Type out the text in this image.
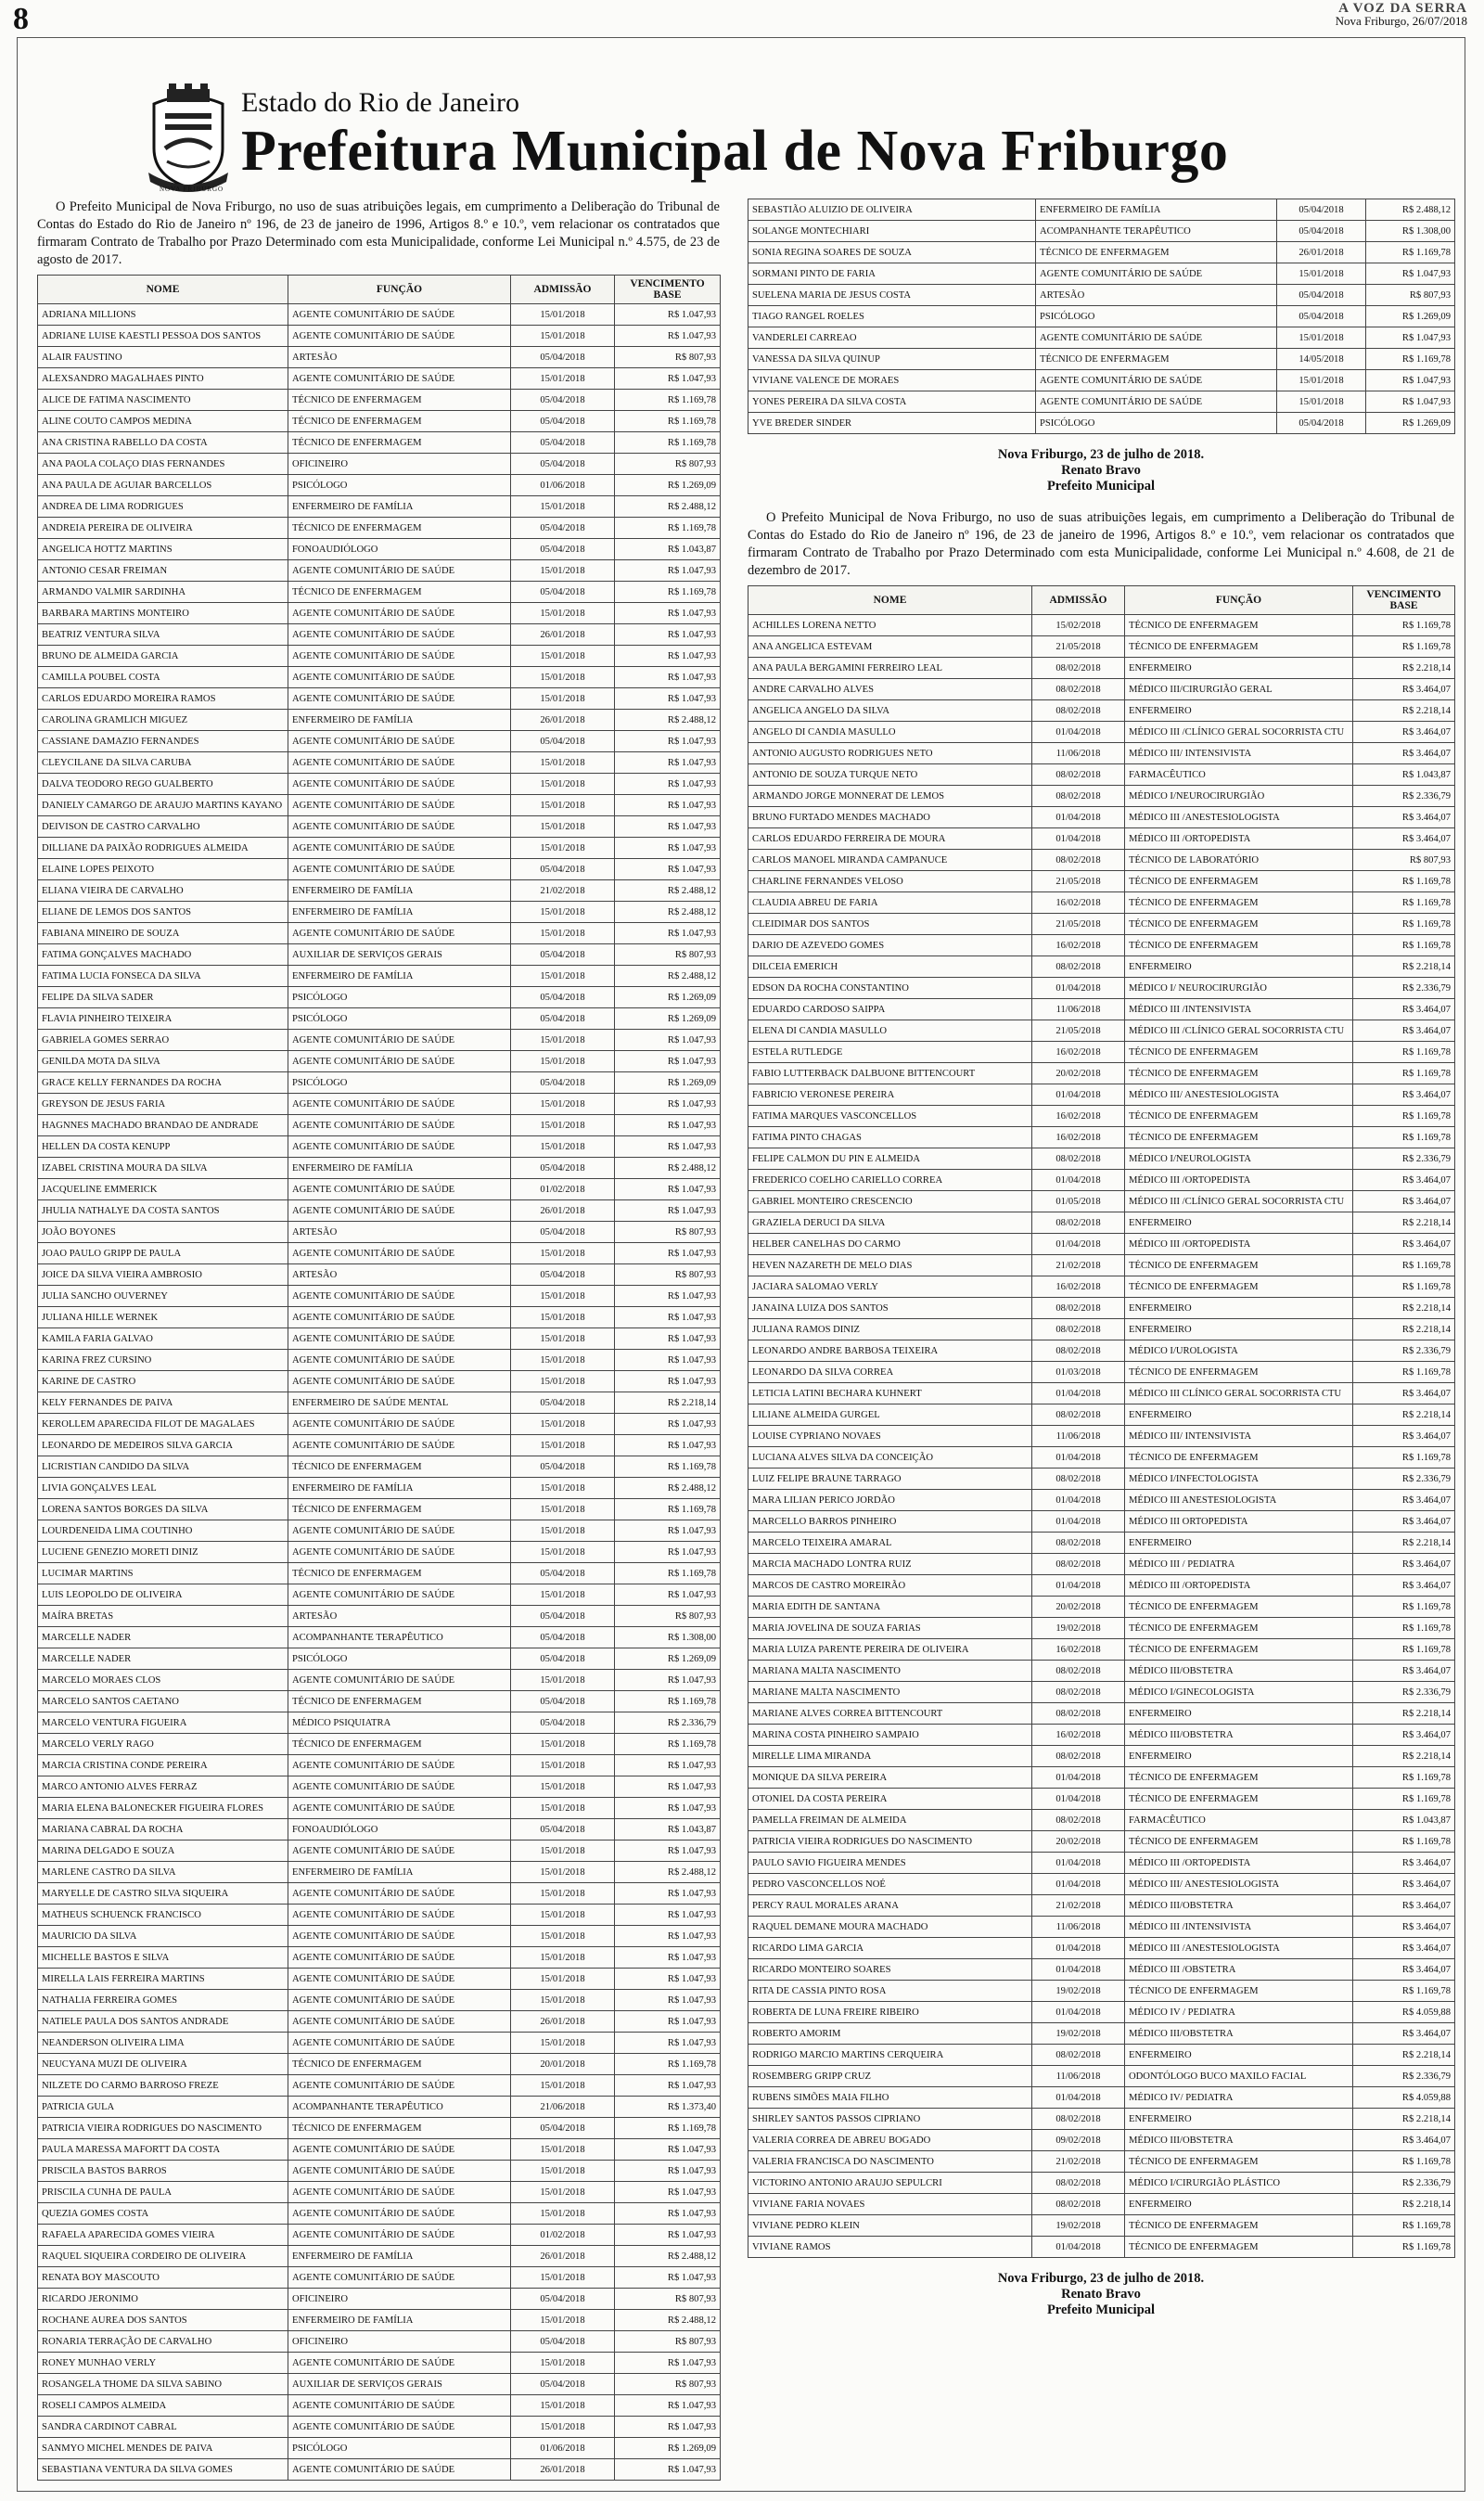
8	A VOZ DA SERRA
Nova Friburgo, 26/07/2018
NOVA FRIBURGO
Estado do Rio de Janeiro
Prefeitura Municipal de Nova Friburgo

O Prefeito Municipal de Nova Friburgo, no uso de suas atribuições legais, em cumprimento a Deliberação do Tribunal de Contas do Estado do Rio de Janeiro nº 196, de 23 de janeiro de 1996, Artigos 8.º e 10.º, vem relacionar os contratados que firmaram Contrato de Trabalho por Prazo Determinado com esta Municipalidade, conforme Lei Municipal n.º 4.575, de 23 de agosto de 2017.

NOME	FUNÇÃO	ADMISSÃO	VENCIMENTO BASE
ADRIANA MILLIONS	AGENTE COMUNITÁRIO DE SAÚDE	15/01/2018	R$ 1.047,93
ADRIANE LUISE KAESTLI PESSOA DOS SANTOS	AGENTE COMUNITÁRIO DE SAÚDE	15/01/2018	R$ 1.047,93
ALAIR FAUSTINO	ARTESÃO	05/04/2018	R$ 807,93
ALEXSANDRO MAGALHAES PINTO	AGENTE COMUNITÁRIO DE SAÚDE	15/01/2018	R$ 1.047,93
ALICE DE FATIMA NASCIMENTO	TÉCNICO DE ENFERMAGEM	05/04/2018	R$ 1.169,78
ALINE COUTO CAMPOS MEDINA	TÉCNICO DE ENFERMAGEM	05/04/2018	R$ 1.169,78
ANA CRISTINA RABELLO DA COSTA	TÉCNICO DE ENFERMAGEM	05/04/2018	R$ 1.169,78
ANA PAOLA COLAÇO DIAS FERNANDES	OFICINEIRO	05/04/2018	R$ 807,93
ANA PAULA DE AGUIAR BARCELLOS	PSICÓLOGO	01/06/2018	R$ 1.269,09
ANDREA DE LIMA RODRIGUES	ENFERMEIRO DE FAMÍLIA	15/01/2018	R$ 2.488,12
ANDREIA PEREIRA DE OLIVEIRA	TÉCNICO DE ENFERMAGEM	05/04/2018	R$ 1.169,78
ANGELICA HOTTZ MARTINS	FONOAUDIÓLOGO	05/04/2018	R$ 1.043,87
ANTONIO CESAR FREIMAN	AGENTE COMUNITÁRIO DE SAÚDE	15/01/2018	R$ 1.047,93
ARMANDO VALMIR SARDINHA	TÉCNICO DE ENFERMAGEM	05/04/2018	R$ 1.169,78
BARBARA MARTINS MONTEIRO	AGENTE COMUNITÁRIO DE SAÚDE	15/01/2018	R$ 1.047,93
BEATRIZ VENTURA SILVA	AGENTE COMUNITÁRIO DE SAÚDE	26/01/2018	R$ 1.047,93
BRUNO DE ALMEIDA GARCIA	AGENTE COMUNITÁRIO DE SAÚDE	15/01/2018	R$ 1.047,93
CAMILLA POUBEL COSTA	AGENTE COMUNITÁRIO DE SAÚDE	15/01/2018	R$ 1.047,93
CARLOS EDUARDO MOREIRA RAMOS	AGENTE COMUNITÁRIO DE SAÚDE	15/01/2018	R$ 1.047,93
CAROLINA GRAMLICH MIGUEZ	ENFERMEIRO DE FAMÍLIA	26/01/2018	R$ 2.488,12
CASSIANE DAMAZIO FERNANDES	AGENTE COMUNITÁRIO DE SAÚDE	05/04/2018	R$ 1.047,93
CLEYCILANE DA SILVA CARUBA	AGENTE COMUNITÁRIO DE SAÚDE	15/01/2018	R$ 1.047,93
DALVA TEODORO REGO GUALBERTO	AGENTE COMUNITÁRIO DE SAÚDE	15/01/2018	R$ 1.047,93
DANIELY CAMARGO DE ARAUJO MARTINS KAYANO	AGENTE COMUNITÁRIO DE SAÚDE	15/01/2018	R$ 1.047,93
DEIVISON DE CASTRO CARVALHO	AGENTE COMUNITÁRIO DE SAÚDE	15/01/2018	R$ 1.047,93
DILLIANE DA PAIXÃO RODRIGUES ALMEIDA	AGENTE COMUNITÁRIO DE SAÚDE	15/01/2018	R$ 1.047,93
ELAINE LOPES PEIXOTO	AGENTE COMUNITÁRIO DE SAÚDE	05/04/2018	R$ 1.047,93
ELIANA VIEIRA DE CARVALHO	ENFERMEIRO DE FAMÍLIA	21/02/2018	R$ 2.488,12
ELIANE DE LEMOS DOS SANTOS	ENFERMEIRO DE FAMÍLIA	15/01/2018	R$ 2.488,12
FABIANA MINEIRO DE SOUZA	AGENTE COMUNITÁRIO DE SAÚDE	15/01/2018	R$ 1.047,93
FATIMA GONÇALVES MACHADO	AUXILIAR DE SERVIÇOS GERAIS	05/04/2018	R$ 807,93
FATIMA LUCIA FONSECA DA SILVA	ENFERMEIRO DE FAMÍLIA	15/01/2018	R$ 2.488,12
FELIPE DA SILVA SADER	PSICÓLOGO	05/04/2018	R$ 1.269,09
FLAVIA PINHEIRO TEIXEIRA	PSICÓLOGO	05/04/2018	R$ 1.269,09
GABRIELA GOMES SERRAO	AGENTE COMUNITÁRIO DE SAÚDE	15/01/2018	R$ 1.047,93
GENILDA MOTA DA SILVA	AGENTE COMUNITÁRIO DE SAÚDE	15/01/2018	R$ 1.047,93
GRACE KELLY FERNANDES DA ROCHA	PSICÓLOGO	05/04/2018	R$ 1.269,09
GREYSON DE JESUS FARIA	AGENTE COMUNITÁRIO DE SAÚDE	15/01/2018	R$ 1.047,93
HAGNNES MACHADO BRANDAO DE ANDRADE	AGENTE COMUNITÁRIO DE SAÚDE	15/01/2018	R$ 1.047,93
HELLEN DA COSTA KENUPP	AGENTE COMUNITÁRIO DE SAÚDE	15/01/2018	R$ 1.047,93
IZABEL CRISTINA MOURA DA SILVA	ENFERMEIRO DE FAMÍLIA	05/04/2018	R$ 2.488,12
JACQUELINE EMMERICK	AGENTE COMUNITÁRIO DE SAÚDE	01/02/2018	R$ 1.047,93
JHULIA NATHALYE DA COSTA SANTOS	AGENTE COMUNITÁRIO DE SAÚDE	26/01/2018	R$ 1.047,93
JOÃO BOYONES	ARTESÃO	05/04/2018	R$ 807,93
JOAO PAULO GRIPP DE PAULA	AGENTE COMUNITÁRIO DE SAÚDE	15/01/2018	R$ 1.047,93
JOICE DA SILVA VIEIRA AMBROSIO	ARTESÃO	05/04/2018	R$ 807,93
JULIA SANCHO OUVERNEY	AGENTE COMUNITÁRIO DE SAÚDE	15/01/2018	R$ 1.047,93
JULIANA HILLE WERNEK	AGENTE COMUNITÁRIO DE SAÚDE	15/01/2018	R$ 1.047,93
KAMILA FARIA GALVAO	AGENTE COMUNITÁRIO DE SAÚDE	15/01/2018	R$ 1.047,93
KARINA FREZ CURSINO	AGENTE COMUNITÁRIO DE SAÚDE	15/01/2018	R$ 1.047,93
KARINE DE CASTRO	AGENTE COMUNITÁRIO DE SAÚDE	15/01/2018	R$ 1.047,93
KELY FERNANDES DE PAIVA	ENFERMEIRO DE SAÚDE MENTAL	05/04/2018	R$ 2.218,14
KEROLLEM APARECIDA FILOT DE MAGALAES	AGENTE COMUNITÁRIO DE SAÚDE	15/01/2018	R$ 1.047,93
LEONARDO DE MEDEIROS SILVA GARCIA	AGENTE COMUNITÁRIO DE SAÚDE	15/01/2018	R$ 1.047,93
LICRISTIAN CANDIDO DA SILVA	TÉCNICO DE ENFERMAGEM	05/04/2018	R$ 1.169,78
LIVIA GONÇALVES LEAL	ENFERMEIRO DE FAMÍLIA	15/01/2018	R$ 2.488,12
LORENA SANTOS BORGES DA SILVA	TÉCNICO DE ENFERMAGEM	15/01/2018	R$ 1.169,78
LOURDENEIDA LIMA COUTINHO	AGENTE COMUNITÁRIO DE SAÚDE	15/01/2018	R$ 1.047,93
LUCIENE GENEZIO MORETI DINIZ	AGENTE COMUNITÁRIO DE SAÚDE	15/01/2018	R$ 1.047,93
LUCIMAR MARTINS	TÉCNICO DE ENFERMAGEM	05/04/2018	R$ 1.169,78
LUIS LEOPOLDO DE OLIVEIRA	AGENTE COMUNITÁRIO DE SAÚDE	15/01/2018	R$ 1.047,93
MAÍRA BRETAS	ARTESÃO	05/04/2018	R$ 807,93
MARCELLE NADER	ACOMPANHANTE TERAPÊUTICO	05/04/2018	R$ 1.308,00
MARCELLE NADER	PSICÓLOGO	05/04/2018	R$ 1.269,09
MARCELO MORAES CLOS	AGENTE COMUNITÁRIO DE SAÚDE	15/01/2018	R$ 1.047,93
MARCELO SANTOS CAETANO	TÉCNICO DE ENFERMAGEM	05/04/2018	R$ 1.169,78
MARCELO VENTURA FIGUEIRA	MÉDICO PSIQUIATRA	05/04/2018	R$ 2.336,79
MARCELO VERLY RAGO	TÉCNICO DE ENFERMAGEM	15/01/2018	R$ 1.169,78
MARCIA CRISTINA CONDE PEREIRA	AGENTE COMUNITÁRIO DE SAÚDE	15/01/2018	R$ 1.047,93
MARCO ANTONIO ALVES FERRAZ	AGENTE COMUNITÁRIO DE SAÚDE	15/01/2018	R$ 1.047,93
MARIA ELENA BALONECKER FIGUEIRA FLORES	AGENTE COMUNITÁRIO DE SAÚDE	15/01/2018	R$ 1.047,93
MARIANA CABRAL DA ROCHA	FONOAUDIÓLOGO	05/04/2018	R$ 1.043,87
MARINA DELGADO E SOUZA	AGENTE COMUNITÁRIO DE SAÚDE	15/01/2018	R$ 1.047,93
MARLENE CASTRO DA SILVA	ENFERMEIRO DE FAMÍLIA	15/01/2018	R$ 2.488,12
MARYELLE DE CASTRO SILVA SIQUEIRA	AGENTE COMUNITÁRIO DE SAÚDE	15/01/2018	R$ 1.047,93
MATHEUS SCHUENCK FRANCISCO	AGENTE COMUNITÁRIO DE SAÚDE	15/01/2018	R$ 1.047,93
MAURICIO DA SILVA	AGENTE COMUNITÁRIO DE SAÚDE	15/01/2018	R$ 1.047,93
MICHELLE BASTOS E SILVA	AGENTE COMUNITÁRIO DE SAÚDE	15/01/2018	R$ 1.047,93
MIRELLA LAIS FERREIRA MARTINS	AGENTE COMUNITÁRIO DE SAÚDE	15/01/2018	R$ 1.047,93
NATHALIA FERREIRA GOMES	AGENTE COMUNITÁRIO DE SAÚDE	15/01/2018	R$ 1.047,93
NATIELE PAULA DOS SANTOS ANDRADE	AGENTE COMUNITÁRIO DE SAÚDE	26/01/2018	R$ 1.047,93
NEANDERSON OLIVEIRA LIMA	AGENTE COMUNITÁRIO DE SAÚDE	15/01/2018	R$ 1.047,93
NEUCYANA MUZI DE OLIVEIRA	TÉCNICO DE ENFERMAGEM	20/01/2018	R$ 1.169,78
NILZETE DO CARMO BARROSO FREZE	AGENTE COMUNITÁRIO DE SAÚDE	15/01/2018	R$ 1.047,93
PATRICIA GULA	ACOMPANHANTE TERAPÊUTICO	21/06/2018	R$ 1.373,40
PATRICIA VIEIRA RODRIGUES DO NASCIMENTO	TÉCNICO DE ENFERMAGEM	05/04/2018	R$ 1.169,78
PAULA MARESSA MAFORTT DA COSTA	AGENTE COMUNITÁRIO DE SAÚDE	15/01/2018	R$ 1.047,93
PRISCILA BASTOS BARROS	AGENTE COMUNITÁRIO DE SAÚDE	15/01/2018	R$ 1.047,93
PRISCILA CUNHA DE PAULA	AGENTE COMUNITÁRIO DE SAÚDE	15/01/2018	R$ 1.047,93
QUEZIA GOMES COSTA	AGENTE COMUNITÁRIO DE SAÚDE	15/01/2018	R$ 1.047,93
RAFAELA APARECIDA GOMES VIEIRA	AGENTE COMUNITÁRIO DE SAÚDE	01/02/2018	R$ 1.047,93
RAQUEL SIQUEIRA CORDEIRO DE OLIVEIRA	ENFERMEIRO DE FAMÍLIA	26/01/2018	R$ 2.488,12
RENATA BOY MASCOUTO	AGENTE COMUNITÁRIO DE SAÚDE	15/01/2018	R$ 1.047,93
RICARDO JERONIMO	OFICINEIRO	05/04/2018	R$ 807,93
ROCHANE AUREA DOS SANTOS	ENFERMEIRO DE FAMÍLIA	15/01/2018	R$ 2.488,12
RONARIA TERRAÇÃO DE CARVALHO	OFICINEIRO	05/04/2018	R$ 807,93
RONEY MUNHAO VERLY	AGENTE COMUNITÁRIO DE SAÚDE	15/01/2018	R$ 1.047,93
ROSANGELA THOME DA SILVA SABINO	AUXILIAR DE SERVIÇOS GERAIS	05/04/2018	R$ 807,93
ROSELI CAMPOS ALMEIDA	AGENTE COMUNITÁRIO DE SAÚDE	15/01/2018	R$ 1.047,93
SANDRA CARDINOT CABRAL	AGENTE COMUNITÁRIO DE SAÚDE	15/01/2018	R$ 1.047,93
SANMYO MICHEL MENDES DE PAIVA	PSICÓLOGO	01/06/2018	R$ 1.269,09
SEBASTIANA VENTURA DA SILVA GOMES	AGENTE COMUNITÁRIO DE SAÚDE	26/01/2018	R$ 1.047,93
SEBASTIÃO ALUIZIO DE OLIVEIRA	ENFERMEIRO DE FAMÍLIA	05/04/2018	R$ 2.488,12
SOLANGE MONTECHIARI	ACOMPANHANTE TERAPÊUTICO	05/04/2018	R$ 1.308,00
SONIA REGINA SOARES DE SOUZA	TÉCNICO DE ENFERMAGEM	26/01/2018	R$ 1.169,78
SORMANI PINTO DE FARIA	AGENTE COMUNITÁRIO DE SAÚDE	15/01/2018	R$ 1.047,93
SUELENA MARIA DE JESUS COSTA	ARTESÃO	05/04/2018	R$ 807,93
TIAGO RANGEL ROELES	PSICÓLOGO	05/04/2018	R$ 1.269,09
VANDERLEI CARREAO	AGENTE COMUNITÁRIO DE SAÚDE	15/01/2018	R$ 1.047,93
VANESSA DA SILVA QUINUP	TÉCNICO DE ENFERMAGEM	14/05/2018	R$ 1.169,78
VIVIANE VALENCE DE MORAES	AGENTE COMUNITÁRIO DE SAÚDE	15/01/2018	R$ 1.047,93
YONES PEREIRA DA SILVA COSTA	AGENTE COMUNITÁRIO DE SAÚDE	15/01/2018	R$ 1.047,93
YVE BREDER SINDER	PSICÓLOGO	05/04/2018	R$ 1.269,09
Nova Friburgo, 23 de julho de 2018.
Renato Bravo
Prefeito Municipal

O Prefeito Municipal de Nova Friburgo, no uso de suas atribuições legais, em cumprimento a Deliberação do Tribunal de Contas do Estado do Rio de Janeiro nº 196, de 23 de janeiro de 1996, Artigos 8.º e 10.º, vem relacionar os contratados que firmaram Contrato de Trabalho por Prazo Determinado com esta Municipalidade, conforme Lei Municipal n.º 4.608, de 21 de dezembro de 2017.

NOME	ADMISSÃO	FUNÇÃO	VENCIMENTO BASE
ACHILLES LORENA NETTO	15/02/2018	TÉCNICO DE ENFERMAGEM	R$ 1.169,78
ANA ANGELICA ESTEVAM	21/05/2018	TÉCNICO DE ENFERMAGEM	R$ 1.169,78
ANA PAULA BERGAMINI FERREIRO LEAL	08/02/2018	ENFERMEIRO	R$ 2.218,14
ANDRE CARVALHO ALVES	08/02/2018	MÉDICO III/CIRURGIÃO GERAL	R$ 3.464,07
ANGELICA ANGELO DA SILVA	08/02/2018	ENFERMEIRO	R$ 2.218,14
ANGELO DI CANDIA MASULLO	01/04/2018	MÉDICO III /CLÍNICO GERAL SOCORRISTA CTU	R$ 3.464,07
ANTONIO AUGUSTO RODRIGUES NETO	11/06/2018	MÉDICO III/ INTENSIVISTA	R$ 3.464,07
ANTONIO DE SOUZA TURQUE NETO	08/02/2018	FARMACÊUTICO	R$ 1.043,87
ARMANDO JORGE MONNERAT DE LEMOS	08/02/2018	MÉDICO I/NEUROCIRURGIÃO	R$ 2.336,79
BRUNO FURTADO MENDES MACHADO	01/04/2018	MÉDICO III /ANESTESIOLOGISTA	R$ 3.464,07
CARLOS EDUARDO FERREIRA DE MOURA	01/04/2018	MÉDICO III /ORTOPEDISTA	R$ 3.464,07
CARLOS MANOEL MIRANDA CAMPANUCE	08/02/2018	TÉCNICO DE LABORATÓRIO	R$ 807,93
CHARLINE FERNANDES VELOSO	21/05/2018	TÉCNICO DE ENFERMAGEM	R$ 1.169,78
CLAUDIA ABREU DE FARIA	16/02/2018	TÉCNICO DE ENFERMAGEM	R$ 1.169,78
CLEIDIMAR DOS SANTOS	21/05/2018	TÉCNICO DE ENFERMAGEM	R$ 1.169,78
DARIO DE AZEVEDO GOMES	16/02/2018	TÉCNICO DE ENFERMAGEM	R$ 1.169,78
DILCEIA EMERICH	08/02/2018	ENFERMEIRO	R$ 2.218,14
EDSON DA ROCHA CONSTANTINO	01/04/2018	MÉDICO I/ NEUROCIRURGIÃO	R$ 2.336,79
EDUARDO CARDOSO SAIPPA	11/06/2018	MÉDICO III /INTENSIVISTA	R$ 3.464,07
ELENA DI CANDIA MASULLO	21/05/2018	MÉDICO III /CLÍNICO GERAL SOCORRISTA CTU	R$ 3.464,07
ESTELA RUTLEDGE	16/02/2018	TÉCNICO DE ENFERMAGEM	R$ 1.169,78
FABIO LUTTERBACK DALBUONE BITTENCOURT	20/02/2018	TÉCNICO DE ENFERMAGEM	R$ 1.169,78
FABRICIO VERONESE PEREIRA	01/04/2018	MÉDICO III/ ANESTESIOLOGISTA	R$ 3.464,07
FATIMA MARQUES VASCONCELLOS	16/02/2018	TÉCNICO DE ENFERMAGEM	R$ 1.169,78
FATIMA PINTO CHAGAS	16/02/2018	TÉCNICO DE ENFERMAGEM	R$ 1.169,78
FELIPE CALMON DU PIN E ALMEIDA	08/02/2018	MÉDICO I/NEUROLOGISTA	R$ 2.336,79
FREDERICO COELHO CARIELLO CORREA	01/04/2018	MÉDICO III /ORTOPEDISTA	R$ 3.464,07
GABRIEL MONTEIRO CRESCENCIO	01/05/2018	MÉDICO III /CLÍNICO GERAL SOCORRISTA CTU	R$ 3.464,07
GRAZIELA DERUCI DA SILVA	08/02/2018	ENFERMEIRO	R$ 2.218,14
HELBER CANELHAS DO CARMO	01/04/2018	MÉDICO III /ORTOPEDISTA	R$ 3.464,07
HEVEN NAZARETH DE MELO DIAS	21/02/2018	TÉCNICO DE ENFERMAGEM	R$ 1.169,78
JACIARA SALOMAO VERLY	16/02/2018	TÉCNICO DE ENFERMAGEM	R$ 1.169,78
JANAINA LUIZA DOS SANTOS	08/02/2018	ENFERMEIRO	R$ 2.218,14
JULIANA RAMOS DINIZ	08/02/2018	ENFERMEIRO	R$ 2.218,14
LEONARDO ANDRE BARBOSA TEIXEIRA	08/02/2018	MÉDICO I/UROLOGISTA	R$ 2.336,79
LEONARDO DA SILVA CORREA	01/03/2018	TÉCNICO DE ENFERMAGEM	R$ 1.169,78
LETICIA LATINI BECHARA KUHNERT	01/04/2018	MÉDICO III CLÍNICO GERAL SOCORRISTA CTU	R$ 3.464,07
LILIANE ALMEIDA GURGEL	08/02/2018	ENFERMEIRO	R$ 2.218,14
LOUISE CYPRIANO NOVAES	11/06/2018	MÉDICO III/ INTENSIVISTA	R$ 3.464,07
LUCIANA ALVES SILVA DA CONCEIÇÃO	01/04/2018	TÉCNICO DE ENFERMAGEM	R$ 1.169,78
LUIZ FELIPE BRAUNE TARRAGO	08/02/2018	MÉDICO I/INFECTOLOGISTA	R$ 2.336,79
MARA LILIAN PERICO JORDÃO	01/04/2018	MÉDICO III ANESTESIOLOGISTA	R$ 3.464,07
MARCELLO BARROS PINHEIRO	01/04/2018	MÉDICO III ORTOPEDISTA	R$ 3.464,07
MARCELO TEIXEIRA AMARAL	08/02/2018	ENFERMEIRO	R$ 2.218,14
MARCIA MACHADO LONTRA RUIZ	08/02/2018	MÉDICO III / PEDIATRA	R$ 3.464,07
MARCOS DE CASTRO MOREIRÃO	01/04/2018	MÉDICO III /ORTOPEDISTA	R$ 3.464,07
MARIA EDITH DE SANTANA	20/02/2018	TÉCNICO DE ENFERMAGEM	R$ 1.169,78
MARIA JOVELINA DE SOUZA FARIAS	19/02/2018	TÉCNICO DE ENFERMAGEM	R$ 1.169,78
MARIA LUIZA PARENTE PEREIRA DE OLIVEIRA	16/02/2018	TÉCNICO DE ENFERMAGEM	R$ 1.169,78
MARIANA MALTA NASCIMENTO	08/02/2018	MÉDICO III/OBSTETRA	R$ 3.464,07
MARIANE MALTA NASCIMENTO	08/02/2018	MÉDICO I/GINECOLOGISTA	R$ 2.336,79
MARIANE ALVES CORREA BITTENCOURT	08/02/2018	ENFERMEIRO	R$ 2.218,14
MARINA COSTA PINHEIRO SAMPAIO	16/02/2018	MÉDICO III/OBSTETRA	R$ 3.464,07
MIRELLE LIMA MIRANDA	08/02/2018	ENFERMEIRO	R$ 2.218,14
MONIQUE DA SILVA PEREIRA	01/04/2018	TÉCNICO DE ENFERMAGEM	R$ 1.169,78
OTONIEL DA COSTA PEREIRA	01/04/2018	TÉCNICO DE ENFERMAGEM	R$ 1.169,78
PAMELLA FREIMAN DE ALMEIDA	08/02/2018	FARMACÊUTICO	R$ 1.043,87
PATRICIA VIEIRA RODRIGUES DO NASCIMENTO	20/02/2018	TÉCNICO DE ENFERMAGEM	R$ 1.169,78
PAULO SAVIO FIGUEIRA MENDES	01/04/2018	MÉDICO III /ORTOPEDISTA	R$ 3.464,07
PEDRO VASCONCELLOS NOÉ	01/04/2018	MÉDICO III/ ANESTESIOLOGISTA	R$ 3.464,07
PERCY RAUL MORALES ARANA	21/02/2018	MÉDICO III/OBSTETRA	R$ 3.464,07
RAQUEL DEMANE MOURA MACHADO	11/06/2018	MÉDICO III /INTENSIVISTA	R$ 3.464,07
RICARDO LIMA GARCIA	01/04/2018	MÉDICO III /ANESTESIOLOGISTA	R$ 3.464,07
RICARDO MONTEIRO SOARES	01/04/2018	MÉDICO III /OBSTETRA	R$ 3.464,07
RITA DE CASSIA PINTO ROSA	19/02/2018	TÉCNICO DE ENFERMAGEM	R$ 1.169,78
ROBERTA DE LUNA FREIRE RIBEIRO	01/04/2018	MÉDICO IV / PEDIATRA	R$ 4.059,88
ROBERTO AMORIM	19/02/2018	MÉDICO III/OBSTETRA	R$ 3.464,07
RODRIGO MARCIO MARTINS CERQUEIRA	08/02/2018	ENFERMEIRO	R$ 2.218,14
ROSEMBERG GRIPP CRUZ	11/06/2018	ODONTÓLOGO BUCO MAXILO FACIAL	R$ 2.336,79
RUBENS SIMÕES MAIA FILHO	01/04/2018	MÉDICO IV/ PEDIATRA	R$ 4.059,88
SHIRLEY SANTOS PASSOS CIPRIANO	08/02/2018	ENFERMEIRO	R$ 2.218,14
VALERIA CORREA DE ABREU BOGADO	09/02/2018	MÉDICO III/OBSTETRA	R$ 3.464,07
VALERIA FRANCISCA DO NASCIMENTO	21/02/2018	TÉCNICO DE ENFERMAGEM	R$ 1.169,78
VICTORINO ANTONIO ARAUJO SEPULCRI	08/02/2018	MÉDICO I/CIRURGIÃO PLÁSTICO	R$ 2.336,79
VIVIANE FARIA NOVAES	08/02/2018	ENFERMEIRO	R$ 2.218,14
VIVIANE PEDRO KLEIN	19/02/2018	TÉCNICO DE ENFERMAGEM	R$ 1.169,78
VIVIANE RAMOS	01/04/2018	TÉCNICO DE ENFERMAGEM	R$ 1.169,78
Nova Friburgo, 23 de julho de 2018.
Renato Bravo
Prefeito Municipal
